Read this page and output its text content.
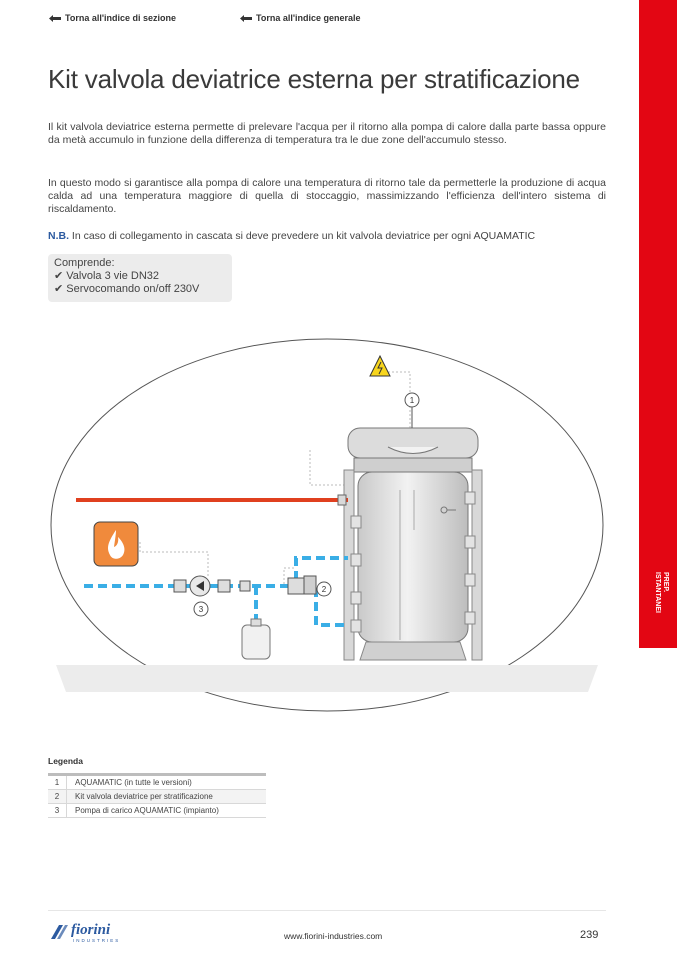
Torna all'indice di sezione	Torna all'indice generale
PREP.
ISTANTANEI
Kit valvola deviatrice esterna per stratificazione

Il kit valvola deviatrice esterna permette di prelevare l'acqua per il ritorno alla pompa di calore dalla parte bassa oppure da metà accumulo in funzione della differenza di temperatura tra le due zone dell'accumulo stesso.

In questo modo si garantisce alla pompa di calore una temperatura di ritorno tale da permetterle la produzione di acqua calda ad una temperatura maggiore di quella di stoccaggio, massimizzando l'efficienza dell'intero sistema di riscaldamento.

N.B. In caso di collegamento in cascata si deve prevedere un kit valvola deviatrice per ogni AQUAMATIC

Comprende:
✔ Valvola 3 vie DN32
✔ Servocomando on/off 230V
1
2
3
Legenda
1	AQUAMATIC (in tutte le versioni)
2	Kit valvola deviatrice per stratificazione
3	Pompa di carico AQUAMATIC (impianto)
fiorini
INDUSTRIES	www.fiorini-industries.com	239
